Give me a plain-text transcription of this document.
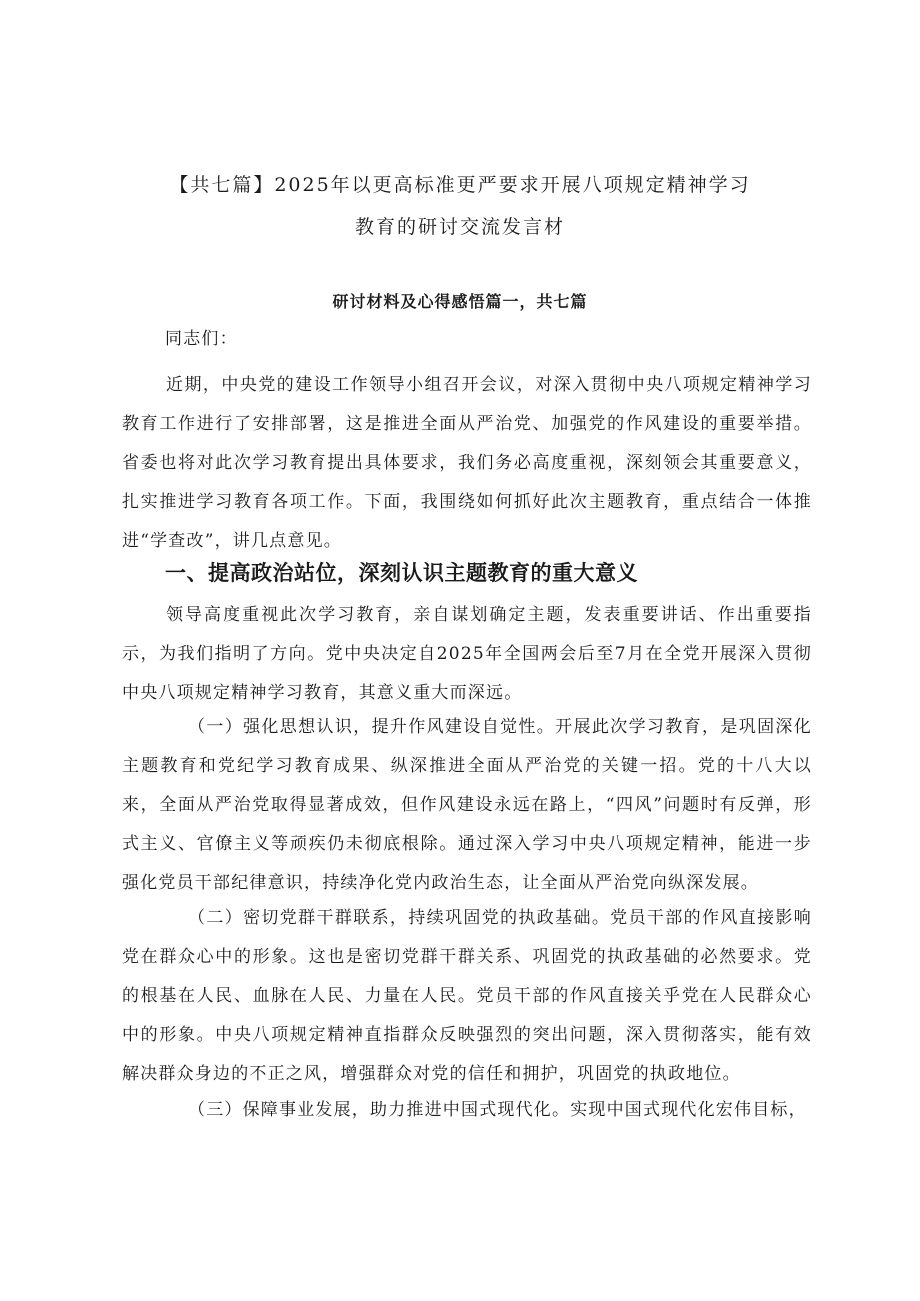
【共七篇】2025年以更高标准更严要求开展八项规定精神学习
教育的研讨交流发言材
研讨材料及心得感悟篇一，共七篇
同志们：
近期，中央党的建设工作领导小组召开会议，对深入贯彻中央八项规定精神学习教育工作进行了安排部署，这是推进全面从严治党、加强党的作风建设的重要举措。省委也将对此次学习教育提出具体要求，我们务必高度重视，深刻领会其重要意义，扎实推进学习教育各项工作。下面，我围绕如何抓好此次主题教育，重点结合一体推进“学查改”，讲几点意见。
一、提高政治站位，深刻认识主题教育的重大意义
领导高度重视此次学习教育，亲自谋划确定主题，发表重要讲话、作出重要指示，为我们指明了方向。党中央决定自2025年全国两会后至7月在全党开展深入贯彻中央八项规定精神学习教育，其意义重大而深远。
（一）强化思想认识，提升作风建设自觉性。开展此次学习教育，是巩固深化主题教育和党纪学习教育成果、纵深推进全面从严治党的关键一招。党的十八大以来，全面从严治党取得显著成效，但作风建设永远在路上，“四风”问题时有反弹，形式主义、官僚主义等顽疾仍未彻底根除。通过深入学习中央八项规定精神，能进一步强化党员干部纪律意识，持续净化党内政治生态，让全面从严治党向纵深发展。
（二）密切党群干群联系，持续巩固党的执政基础。党员干部的作风直接影响党在群众心中的形象。这也是密切党群干群关系、巩固党的执政基础的必然要求。党的根基在人民、血脉在人民、力量在人民。党员干部的作风直接关乎党在人民群众心中的形象。中央八项规定精神直指群众反映强烈的突出问题，深入贯彻落实，能有效解决群众身边的不正之风，增强群众对党的信任和拥护，巩固党的执政地位。
（三）保障事业发展，助力推进中国式现代化。实现中国式现代化宏伟目标，
